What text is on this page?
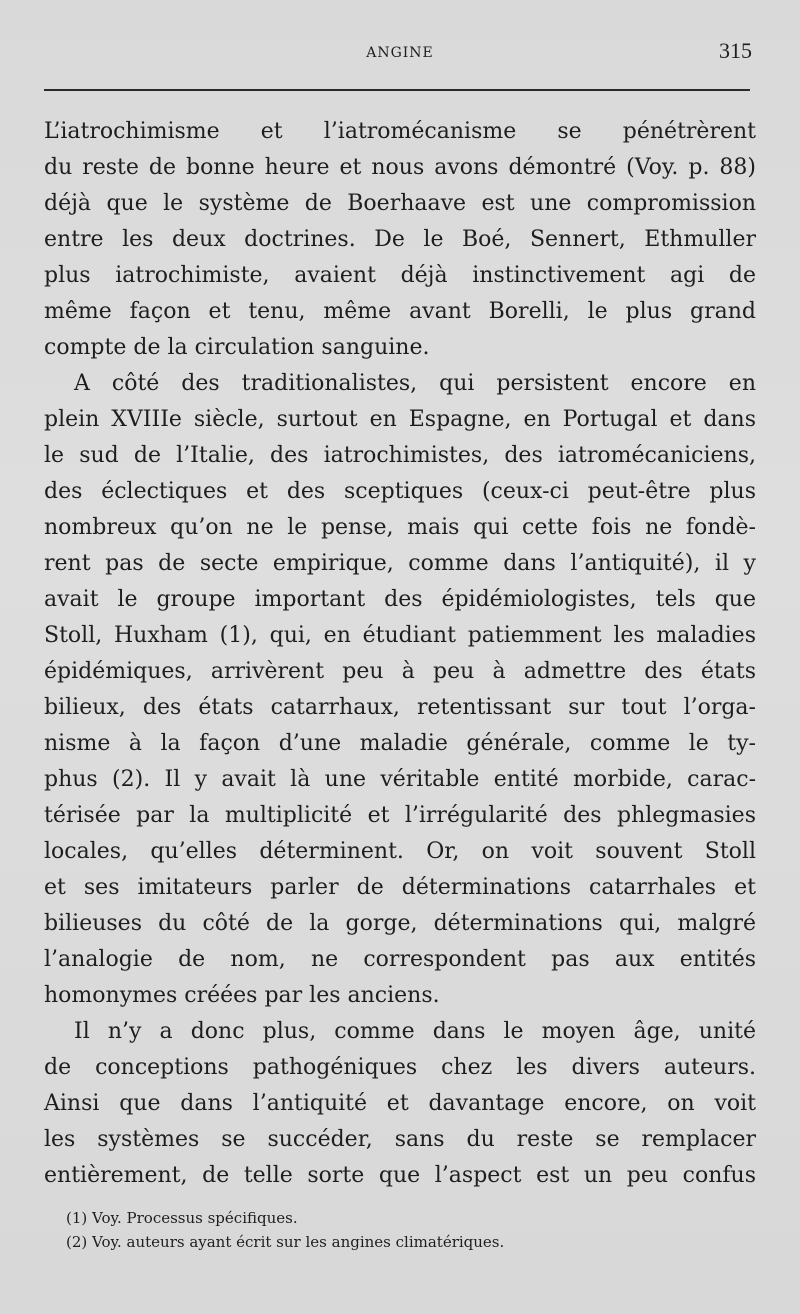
ANGINE	315
L’iatrochimisme et l’iatromécanisme se pénétrèrent
du reste de bonne heure et nous avons démontré (Voy. p. 88)
déjà que le système de Boerhaave est une compromission
entre les deux doctrines. De le Boé, Sennert, Ethmuller
plus iatrochimiste, avaient déjà instinctivement agi de
même façon et tenu, même avant Borelli, le plus grand
compte de la circulation sanguine.
A côté des traditionalistes, qui persistent encore en
plein XVIIIe siècle, surtout en Espagne, en Portugal et dans
le sud de l’Italie, des iatrochimistes, des iatromécaniciens,
des éclectiques et des sceptiques (ceux-ci peut-être plus
nombreux qu’on ne le pense, mais qui cette fois ne fondè-
rent pas de secte empirique, comme dans l’antiquité), il y
avait le groupe important des épidémiologistes, tels que
Stoll, Huxham (1), qui, en étudiant patiemment les maladies
épidémiques, arrivèrent peu à peu à admettre des états
bilieux, des états catarrhaux, retentissant sur tout l’orga-
nisme à la façon d’une maladie générale, comme le ty-
phus (2). Il y avait là une véritable entité morbide, carac-
térisée par la multiplicité et l’irrégularité des phlegmasies
locales, qu’elles déterminent. Or, on voit souvent Stoll
et ses imitateurs parler de déterminations catarrhales et
bilieuses du côté de la gorge, déterminations qui, malgré
l’analogie de nom, ne correspondent pas aux entités
homonymes créées par les anciens.
Il n’y a donc plus, comme dans le moyen âge, unité
de conceptions pathogéniques chez les divers auteurs.
Ainsi que dans l’antiquité et davantage encore, on voit
les systèmes se succéder, sans du reste se remplacer
entièrement, de telle sorte que l’aspect est un peu confus
(1) Voy. Processus spécifiques.
(2) Voy. auteurs ayant écrit sur les angines climatériques.
